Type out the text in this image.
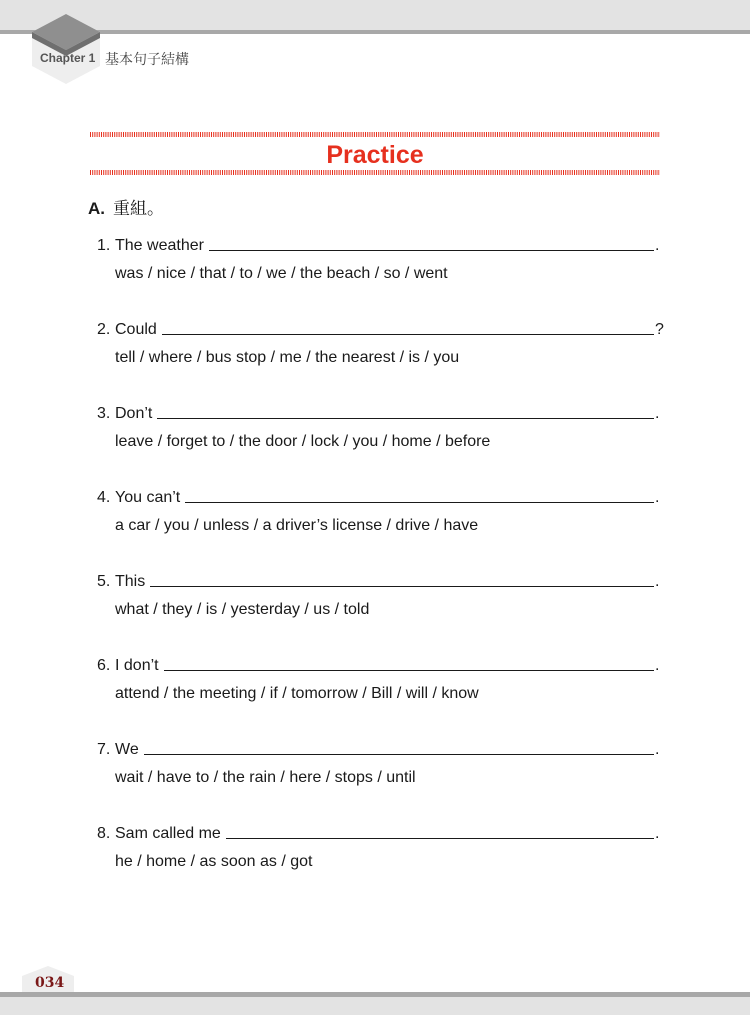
Chapter 1 基本句子結構
Practice
A. 重組。
1. The weather	.
was / nice / that / to / we / the beach / so / went
2. Could	?
tell / where / bus stop / me / the nearest / is / you
3. Don’t	.
leave / forget to / the door / lock / you / home / before
4. You can’t	.
a car / you / unless / a driver’s license / drive / have
5. This	.
what / they / is / yesterday / us / told
6. I don’t	.
attend / the meeting / if / tomorrow / Bill / will / know
7. We	.
wait / have to / the rain / here / stops / until
8. Sam called me	.
he / home / as soon as / got
034
